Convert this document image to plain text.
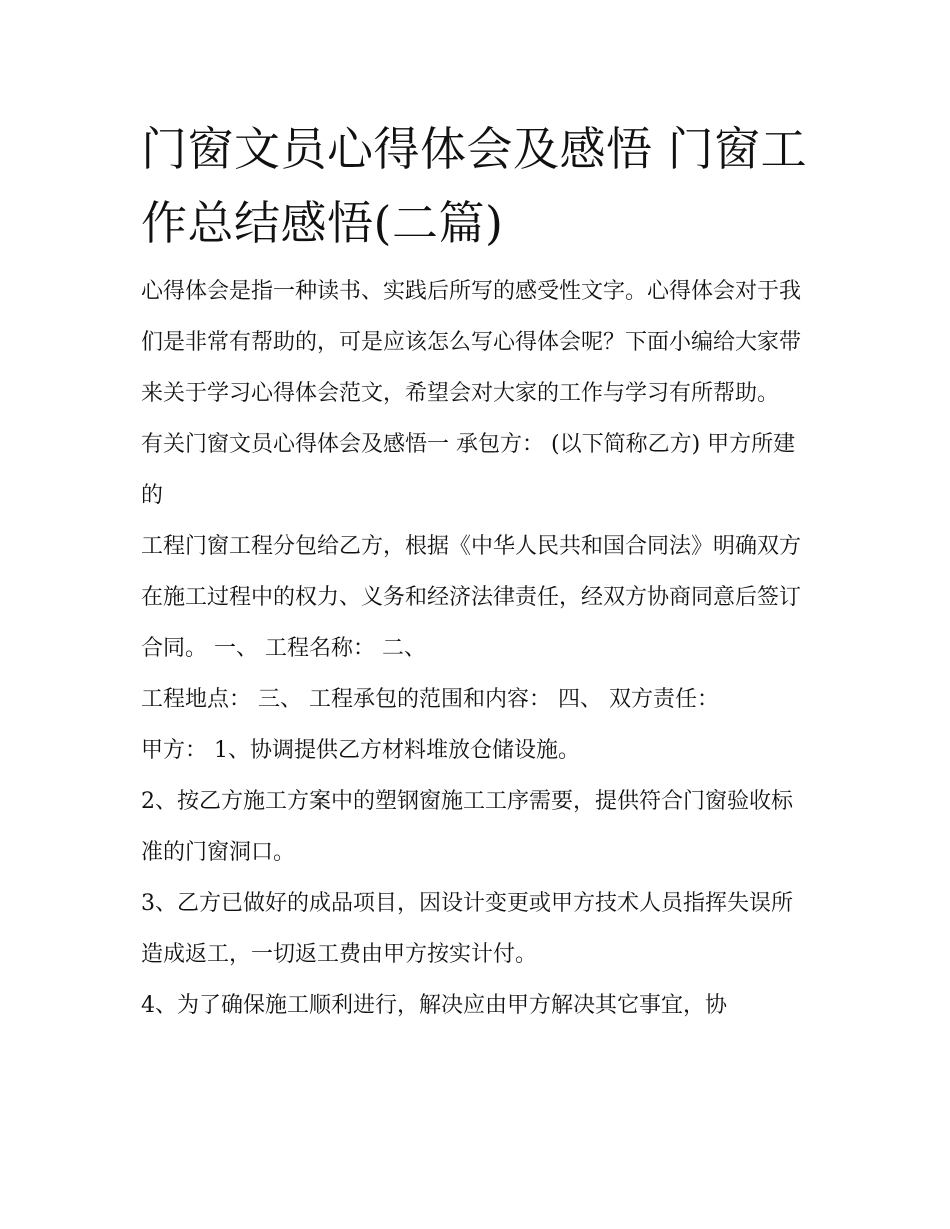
门窗文员心得体会及感悟 门窗工作总结感悟(二篇)

心得体会是指一种读书、实践后所写的感受性文字。心得体会对于我们是非常有帮助的，可是应该怎么写心得体会呢？下面小编给大家带来关于学习心得体会范文，希望会对大家的工作与学习有所帮助。

有关门窗文员心得体会及感悟一 承包方： (以下简称乙方) 甲方所建的

工程门窗工程分包给乙方，根据《中华人民共和国合同法》明确双方在施工过程中的权力、义务和经济法律责任，经双方协商同意后签订合同。 一、 工程名称： 二、

工程地点： 三、 工程承包的范围和内容： 四、 双方责任：

甲方： 1、协调提供乙方材料堆放仓储设施。

2、按乙方施工方案中的塑钢窗施工工序需要，提供符合门窗验收标准的门窗洞口。

3、乙方已做好的成品项目，因设计变更或甲方技术人员指挥失误所造成返工，一切返工费由甲方按实计付。

4、为了确保施工顺利进行，解决应由甲方解决其它事宜，协
